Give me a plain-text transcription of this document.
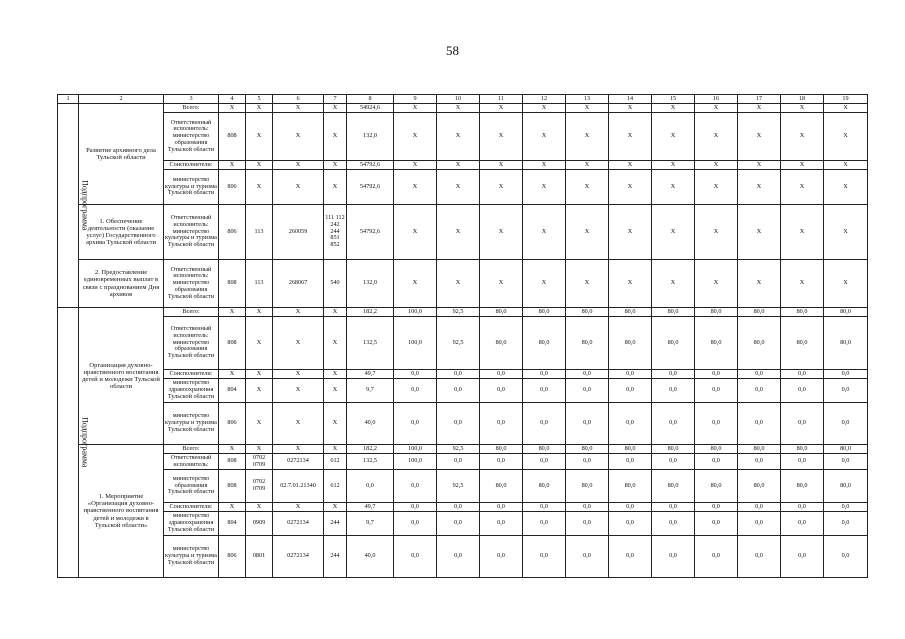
58
1	2	3	4	5	6	7	8	9	10	11	12	13	14	15	16	17	18	19
Подпрограмма	Развитие архивного дела Тульской области	Всего:	X	X	X	X	54924,6	X	X	X	X	X	X	X	X	X	X	X
		Ответственный исполнитель: министерство образования Тульской области	808	X	X	X	132,0	X	X	X	X	X	X	X	X	X	X	X
		Соисполнители:	X	X	X	X	54792,6	X	X	X	X	X	X	X	X	X	X	X
		министерство культуры и туризма Тульской области	806	X	X	X	54792,6	X	X	X	X	X	X	X	X	X	X	X
	1. Обеспечение деятельности (оказание услуг) Государственного архива Тульской области	Ответственный исполнитель: министерство культуры и туризма Тульской области	806	113	260059	111 112 242 244 851 852	54792,6	X	X	X	X	X	X	X	X	X	X	X
	2. Предоставление единовременных выплат в связи с празднованием Дня архивов	Ответственный исполнитель: министерство образования Тульской области	808	113	268067	540	132,0	X	X	X	X	X	X	X	X	X	X	X
Подпрограмма	Организация духовно-нравственного воспитания детей и молодежи Тульской области	Всего:	X	X	X	X	182,2	100,0	92,5	80,0	80,0	80,0	80,0	80,0	80,0	80,0	80,0	80,0
		Ответственный исполнитель: министерство образования Тульской области	808	X	X	X	132,5	100,0	92,5	80,0	80,0	80,0	80,0	80,0	80,0	80,0	80,0	80,0
		Соисполнители:	X	X	X	X	49,7	0,0	0,0	0,0	0,0	0,0	0,0	0,0	0,0	0,0	0,0	0,0
		министерство здравоохранения Тульской области	804	X	X	X	9,7	0,0	0,0	0,0	0,0	0,0	0,0	0,0	0,0	0,0	0,0	0,0
		министерство культуры и туризма Тульской области	806	X	X	X	40,0	0,0	0,0	0,0	0,0	0,0	0,0	0,0	0,0	0,0	0,0	0,0
	1. Мероприятие «Организация духовно-нравственного воспитания детей и молодежи в Тульской области»	Всего:	X	X	X	X	182,2	100,0	92,5	80,0	80,0	80,0	80,0	80,0	80,0	80,0	80,0	80,0
		Ответственный исполнитель:	808	0702 0709	0272134	612	132,5	100,0	0,0	0,0	0,0	0,0	0,0	0,0	0,0	0,0	0,0	0,0
		министерство образования Тульской области	808	0702 0709	02.7.01.21340	612	0,0	0,0	92,5	80,0	80,0	80,0	80,0	80,0	80,0	80,0	80,0	80,0
		Соисполнители:	X	X	X	X	49,7	0,0	0,0	0,0	0,0	0,0	0,0	0,0	0,0	0,0	0,0	0,0
		министерство здравоохранения Тульской области	804	0909	0272134	244	9,7	0,0	0,0	0,0	0,0	0,0	0,0	0,0	0,0	0,0	0,0	0,0
		министерство культуры и туризма Тульской области	806	0801	0272134	244	40,0	0,0	0,0	0,0	0,0	0,0	0,0	0,0	0,0	0,0	0,0	0,0
